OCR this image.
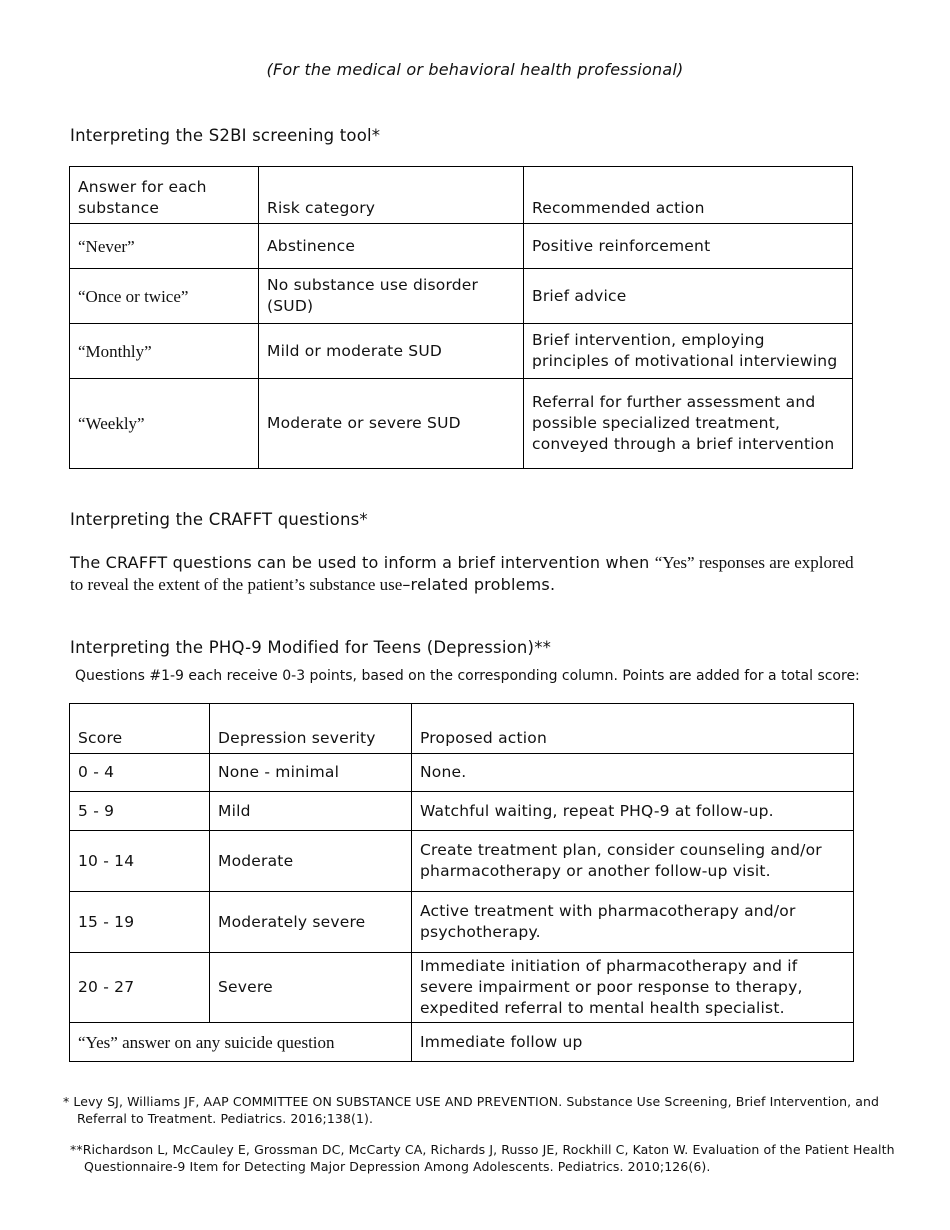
(For the medical or behavioral health professional)
Interpreting the S2BI screening tool*
Answer for each substance	Risk category	Recommended action
“Never”	Abstinence	Positive reinforcement
“Once or twice”	No substance use disorder (SUD)	Brief advice
“Monthly”	Mild or moderate SUD	Brief intervention, employing principles of motivational interviewing
“Weekly”	Moderate or severe SUD	Referral for further assessment and possible specialized treatment, conveyed through a brief intervention
Interpreting the CRAFFT questions*
The CRAFFT questions can be used to inform a brief intervention when “Yes” responses are explored to reveal the extent of the patient’s substance use–related problems.
Interpreting the PHQ-9 Modified for Teens (Depression)**
Questions #1-9 each receive 0-3 points, based on the corresponding column. Points are added for a total score:
Score	Depression severity	Proposed action
0 - 4	None - minimal	None.
5 - 9	Mild	Watchful waiting, repeat PHQ-9 at follow-up.
10 - 14	Moderate	Create treatment plan, consider counseling and/or pharmacotherapy or another follow-up visit.
15 - 19	Moderately severe	Active treatment with pharmacotherapy and/or psychotherapy.
20 - 27	Severe	Immediate initiation of pharmacotherapy and if severe impairment or poor response to therapy, expedited referral to mental health specialist.
“Yes” answer on any suicide question		Immediate follow up
* Levy SJ, Williams JF, AAP COMMITTEE ON SUBSTANCE USE AND PREVENTION. Substance Use Screening, Brief Intervention, and Referral to Treatment. Pediatrics. 2016;138(1).
**Richardson L, McCauley E, Grossman DC, McCarty CA, Richards J, Russo JE, Rockhill C, Katon W. Evaluation of the Patient Health Questionnaire-9 Item for Detecting Major Depression Among Adolescents. Pediatrics. 2010;126(6).
